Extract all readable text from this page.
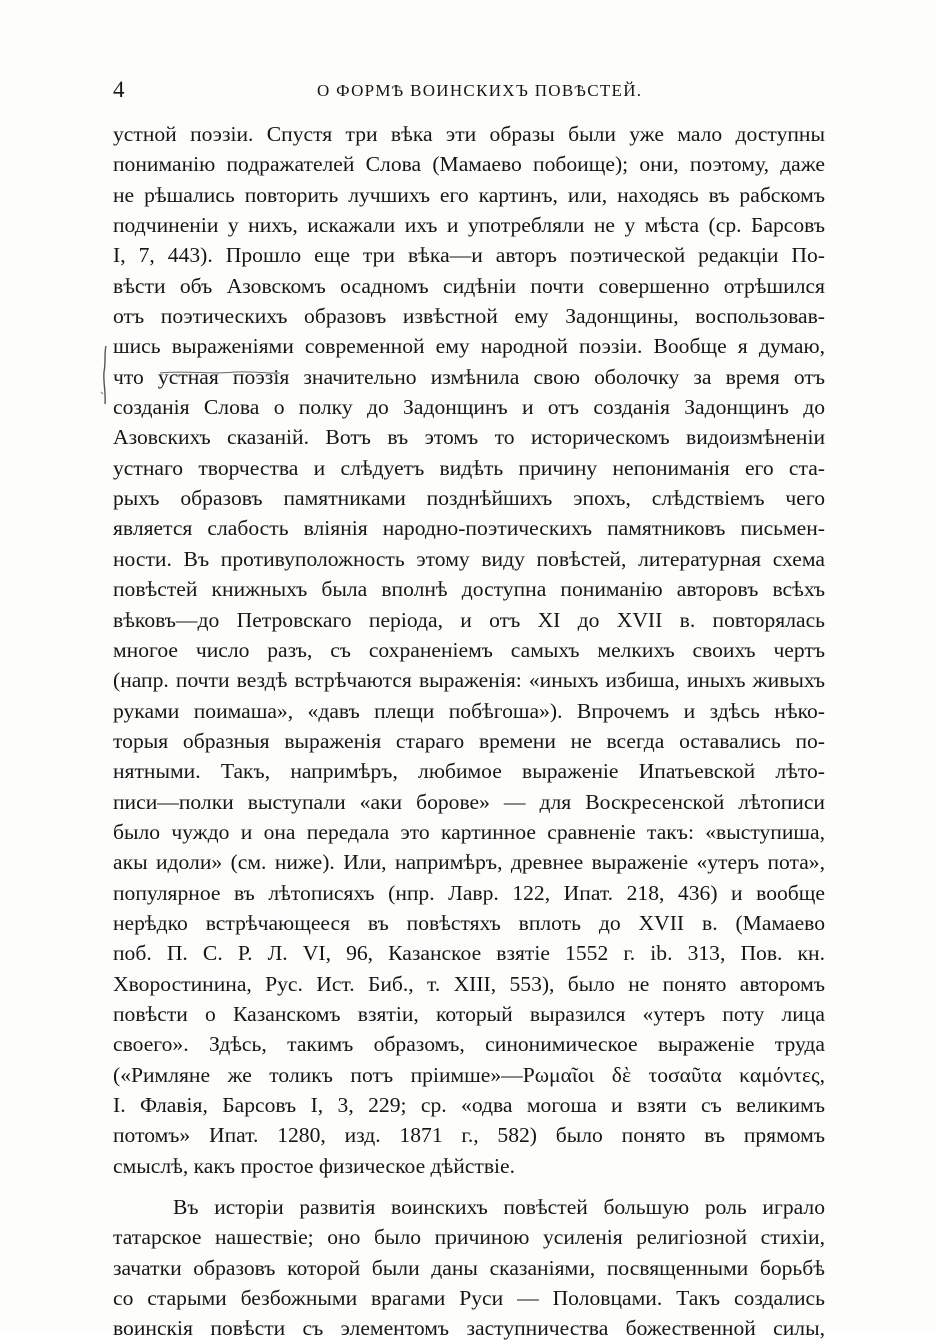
4	О ФОРМѢ ВОИНСКИХЪ ПОВѢСТЕЙ.
устной поэзіи. Спустя три вѣка эти образы были уже мало доступны
пониманію подражателей Слова (Мамаево побоище); они, поэтому, даже
не рѣшались повторить лучшихъ его картинъ, или, находясь въ рабскомъ
подчиненіи у нихъ, искажали ихъ и употребляли не у мѣста (ср. Барсовъ
I, 7, 443). Прошло еще три вѣка—и авторъ поэтической редакціи По-
вѣсти объ Азовскомъ осадномъ сидѣніи почти совершенно отрѣшился
отъ поэтическихъ образовъ извѣстной ему Задонщины, воспользовав-
шись выраженіями современной ему народной поэзіи. Вообще я думаю,
что устная поэзія значительно измѣнила свою оболочку за время отъ
созданія Слова о полку до Задонщинъ и отъ созданія Задонщинъ до
Азовскихъ сказаній. Вотъ въ этомъ то историческомъ видоизмѣненіи
устнаго творчества и слѣдуетъ видѣть причину непониманія его ста-
рыхъ образовъ памятниками позднѣйшихъ эпохъ, слѣдствіемъ чего
является слабость вліянія народно-поэтическихъ памятниковъ письмен-
ности. Въ противуположность этому виду повѣстей, литературная схема
повѣстей книжныхъ была вполнѣ доступна пониманію авторовъ всѣхъ
вѣковъ—до Петровскаго періода, и отъ XI до XVII в. повторялась
многое число разъ, съ сохраненіемъ самыхъ мелкихъ своихъ чертъ
(напр. почти вездѣ встрѣчаются выраженія: «иныхъ избиша, иныхъ живыхъ
руками поимаша», «давъ плещи побѣгоша»). Впрочемъ и здѣсь нѣко-
торыя образныя выраженія стараго времени не всегда оставались по-
нятными. Такъ, напримѣръ, любимое выраженіе Ипатьевской лѣто-
писи—полки выступали «аки борове» — для Воскресенской лѣтописи
было чуждо и она передала это картинное сравненіе такъ: «выступиша,
акы идоли» (см. ниже). Или, напримѣръ, древнее выраженіе «утеръ пота»,
популярное въ лѣтописяхъ (нпр. Лавр. 122, Ипат. 218, 436) и вообще
нерѣдко встрѣчающееся въ повѣстяхъ вплоть до XVII в. (Мамаево
поб. П. С. Р. Л. VI, 96, Казанское взятіе 1552 г. ib. 313, Пов. кн.
Хворостинина, Рус. Ист. Биб., т. XIII, 553), было не понято авторомъ
повѣсти о Казанскомъ взятіи, который выразился «утеръ поту лица
своего». Здѣсь, такимъ образомъ, синонимическое выраженіе труда
(«Римляне же толикъ потъ пріимше»—Ρωμαῖοι δὲ τοσαῦτα καμόντες,
I. Флавія, Барсовъ I, 3, 229; ср. «одва могоша и взяти съ великимъ
потомъ» Ипат. 1280, изд. 1871 г., 582) было понято въ прямомъ
смыслѣ, какъ простое физическое дѣйствіе.
Въ исторіи развитія воинскихъ повѣстей большую роль играло
татарское нашествіе; оно было причиною усиленія религіозной стихіи,
зачатки образовъ которой были даны сказаніями, посвященными борьбѣ
со старыми безбожными врагами Руси — Половцами. Такъ создались
воинскія повѣсти съ элементомъ заступничества божественной силы,
